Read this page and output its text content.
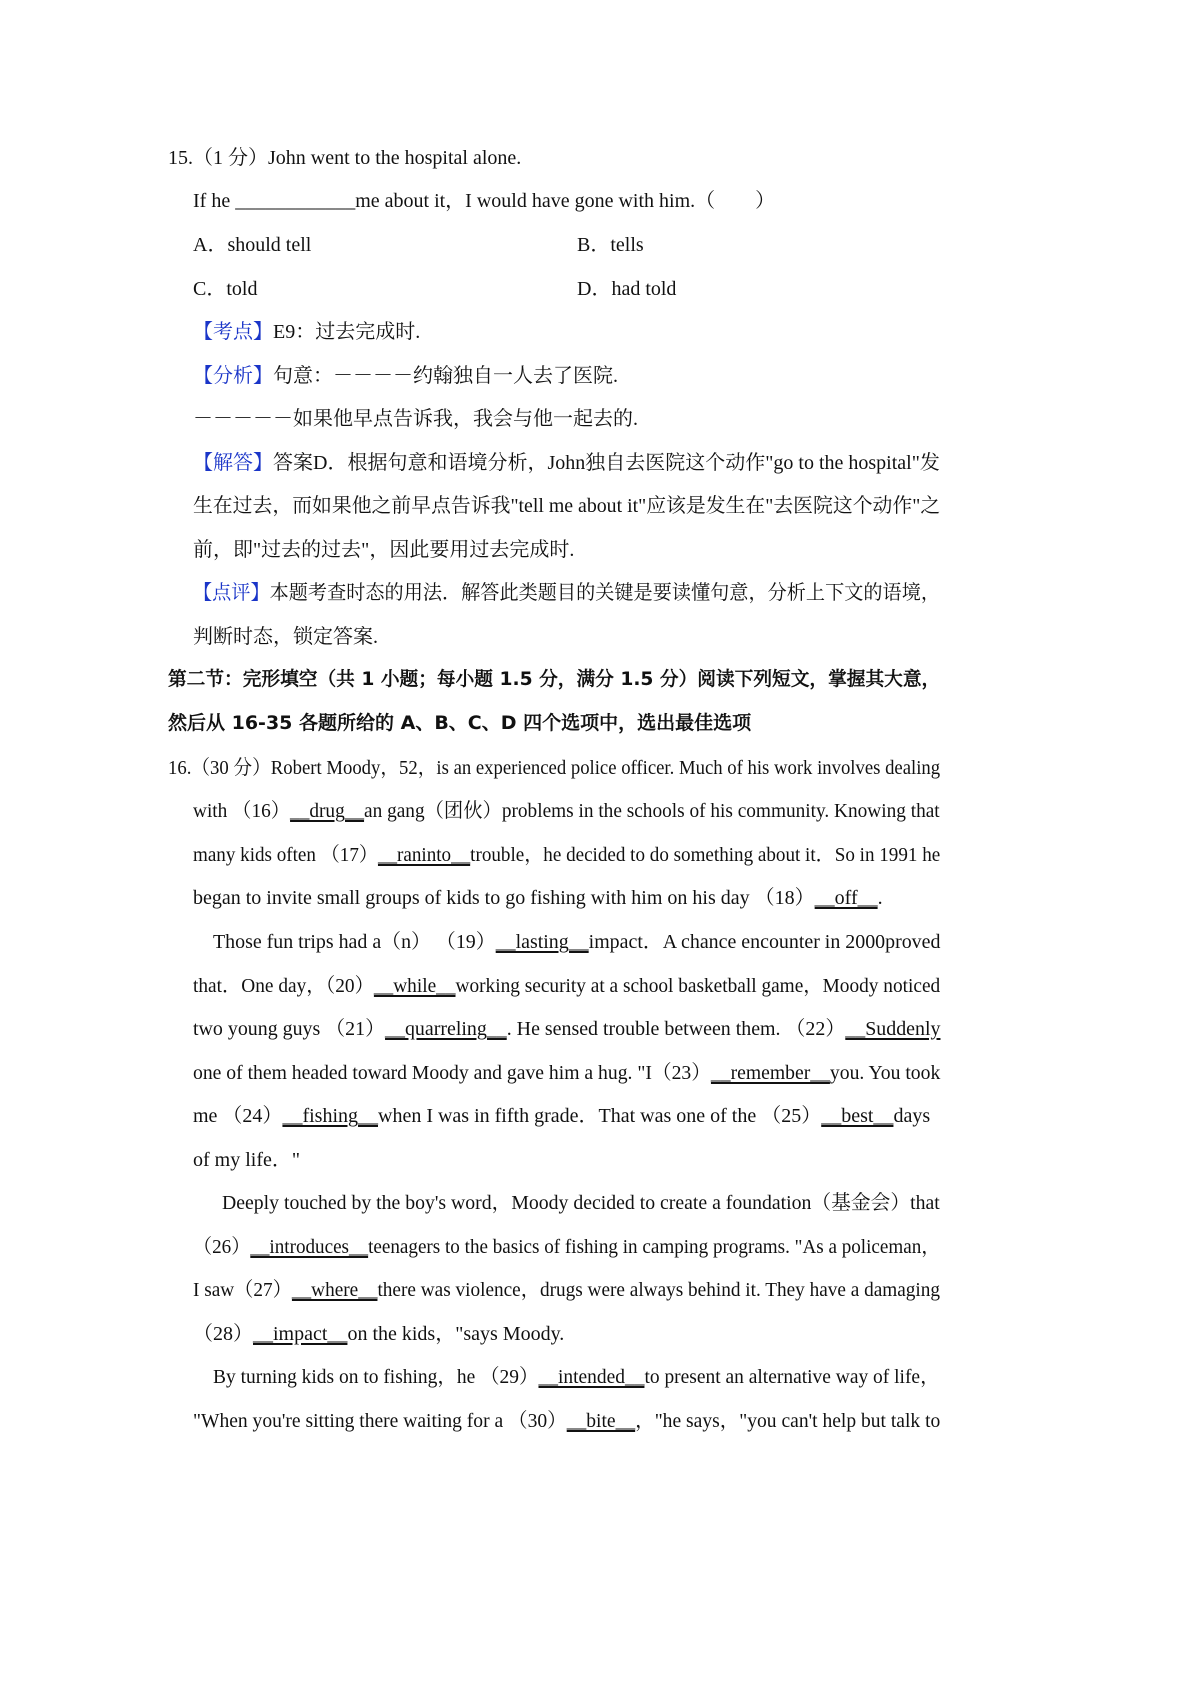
15.（1 分）John went to the hospital alone.
If he ____________me about it，I would have gone with him.（　　）
A．should tell	B．tells
C．told	D．had told
【考点】E9：过去完成时.
【分析】句意：－－－－约翰独自一人去了医院.
－－－－－如果他早点告诉我，我会与他一起去的.
【解答】答案D．根据句意和语境分析，John独自去医院这个动作"go to the hospital"发
生在过去，而如果他之前早点告诉我"tell me about it"应该是发生在"去医院这个动作"之
前，即"过去的过去"，因此要用过去完成时.
【点评】本题考查时态的用法．解答此类题目的关键是要读懂句意，分析上下文的语境，
判断时态，锁定答案.
第二节：完形填空（共 1 小题；每小题 1.5 分，满分 1.5 分）阅读下列短文，掌握其大意，
然后从 16-35 各题所给的 A、B、C、D 四个选项中，选出最佳选项
16.（30 分）Robert Moody，52，is an experienced police officer. Much of his work involves dealing
with （16）__drug__an gang（团伙）problems in the schools of his community. Knowing that
many kids often （17）__raninto__trouble，he decided to do something about it．So in 1991 he
began to invite small groups of kids to go fishing with him on his day （18）__off__.
Those fun trips had a（n） （19）__lasting__impact．A chance encounter in 2000proved
that．One day，（20）__while__working security at a school basketball game，Moody noticed
two young guys （21）__quarreling__. He sensed trouble between them. （22）__Suddenly
one of them headed toward Moody and gave him a hug. "I（23）__remember__you. You took
me （24）__fishing__when I was in fifth grade．That was one of the （25）__best__days
of my life．"
Deeply touched by the boy's word，Moody decided to create a foundation（基金会）that
（26）__introduces__teenagers to the basics of fishing in camping programs. "As a policeman，
I saw（27）__where__there was violence，drugs were always behind it. They have a damaging
（28）__impact__on the kids，"says Moody.
By turning kids on to fishing，he （29）__intended__to present an alternative way of life，
"When you're sitting there waiting for a （30）__bite__，"he says，"you can't help but talk to
